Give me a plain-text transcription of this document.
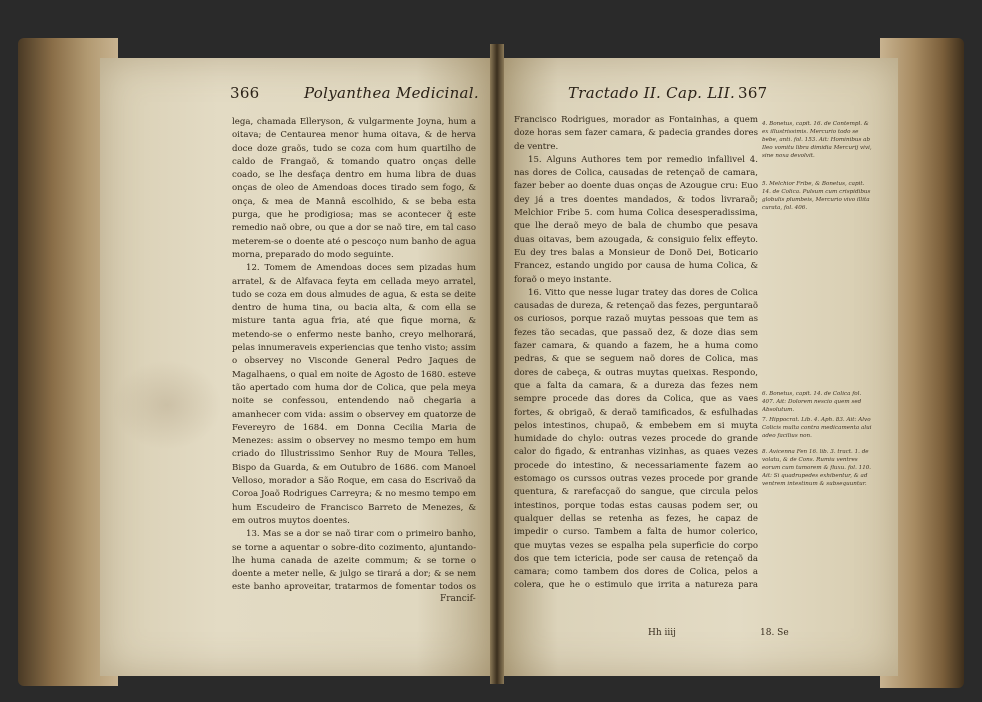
366	Polyanthea Medicinal.	Tractado II. Cap. LII. 367

lega, chamada Elleryson, & vulgarmente Joyna, hum a oitava; de Centaurea menor huma oitava, & de herva doce doze graõs, tudo se coza com hum quartilho de caldo de Frangaõ, & tomando quatro onças delle coado, se lhe desfaça dentro em huma libra de duas onças de oleo de Amendoas doces tirado sem fogo, & onça, & mea de Mannâ escolhido, & se beba esta purga, que he prodigiosa; mas se acontecer q̃ este remedio naõ obre, ou que a dor se naõ tire, em tal caso meterem-se o doente até o pescoço num banho de agua morna, preparado do modo seguinte.

12. Tomem de Amendoas doces sem pizadas hum arratel, & de Alfavaca feyta em cellada meyo arratel, tudo se coza em dous almudes de agua, & esta se deite dentro de huma tina, ou bacia alta, & com ella se misture tanta agua fria, até que fique morna, & metendo-se o enfermo neste banho, creyo melhorará, pelas innumeraveis experiencias que tenho visto; assim o observey no Visconde General Pedro Jaques de Magalhaens, o qual em noite de Agosto de 1680. esteve tão apertado com huma dor de Colica, que pela meya noite se confessou, entendendo naõ chegaria a amanhecer com vida: assim o observey em quatorze de Fevereyro de 1684. em Donna Cecilia Maria de Menezes: assim o observey no mesmo tempo em hum criado do Illustrissimo Senhor Ruy de Moura Telles, Bispo da Guarda, & em Outubro de 1686. com Manoel Velloso, morador a São Roque, em casa do Escrivaõ da Coroa Joaõ Rodrigues Carreyra; & no mesmo tempo em hum Escudeiro de Francisco Barreto de Menezes, & em outros muytos doentes.

13. Mas se a dor se naõ tirar com o primeiro banho, se torne a aquentar o sobre-dito cozimento, ajuntando-lhe huma canada de azeite commum; & se torne o doente a meter nelle, & julgo se tirará a dor; & se nem este banho aproveitar, tratarmos de fomentar todos os

Francif-

Francisco Rodrigues, morador as Fontainhas, a quem doze horas sem fazer camara, & padecia grandes dores de ventre.

15. Alguns Authores tem por remedio infallivel 4. nas dores de Colica, causadas de retençaõ de camara, fazer beber ao doente duas onças de Azougue cru: Euo dey já a tres doentes mandados, & todos livraraõ; Melchior Fribe 5. com huma Colica desesperadissima, que lhe deraõ meyo de bala de chumbo que pesava duas oitavas, bem azougada, & consiguio felix effeyto. Eu dey tres balas a Monsieur de Donõ Dei, Boticario Francez, estando ungido por causa de huma Colica, & foraõ o meyo instante.

16. Vitto que nesse lugar tratey das dores de Colica causadas de dureza, & retençaõ das fezes, perguntaraõ os curiosos, porque razaõ muytas pessoas que tem as fezes tão secadas, que passaõ dez, & doze dias sem fazer camara, & quando a fazem, he a huma como pedras, & que se seguem naõ dores de Colica, mas dores de cabeça, & outras muytas queixas. Respondo, que a falta da camara, & a dureza das fezes nem sempre procede das dores da Colica, que as vaes fortes, & obrigaõ, & deraõ tamificados, & esfulhadas pelos intestinos, chupaõ, & embebem em si muyta humidade do chylo: outras vezes procede do grande calor do figado, & entranhas vizinhas, as quaes vezes procede do intestino, & necessariamente fazem ao estomago os curssos outras vezes procede por grande quentura, & rarefacçaõ do sangue, que circula pelos intestinos, porque todas estas causas podem ser, ou qualquer dellas se retenha as fezes, he capaz de impedir o curso. Tambem a falta de humor colerico, que muytas vezes se espalha pela superficie do corpo dos que tem ictericia, pode ser causa de retençaõ da camara; como tambem dos dores de Colica, pelos a colera, que he o estimulo que irrita a natureza para

Hh iiij	18. Se
4. Bonetus, capit. 16. de Contempl. & ex illustrissimis. Mercurio todo se bebe, anti. fol. 153. Ait: Hominibus ab Ileo vomitu libra dimidia Mercurij vivi, sine noxa devolvit.
5. Melchior Fribe, & Bonetus, capit. 14. de Colica. Pulsum cum crispidibus globulis plumbeis, Mercurio vivo illita curata, fol. 406.
6. Bonetus, capit. 14. de Colica fol. 407. Ait: Dolorem nescio quem sed Absolutum.
7. Hippocrat. Lib. 4. Aph. 83. Ait: Alvo Colicis multa contra medicamenta alui adeo facilius non.
8. Avicenna Fen 16. lib. 3. tract. 1. de volatu, & de Cons. Rumiu ventres eorum cum tumorem & fluxu. fol. 110. Ait: Si quadrupedes exhibentur, & ad ventrem intestinum & subsequuntur.
